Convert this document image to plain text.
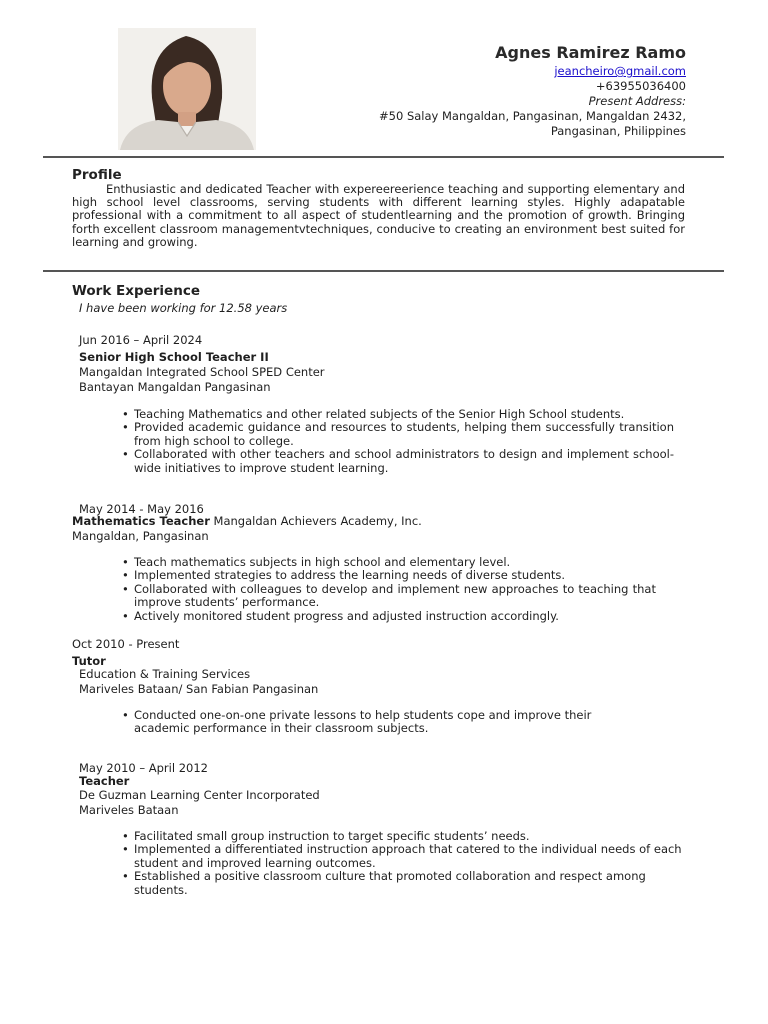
Agnes Ramirez Ramo
jeancheiro@gmail.com
+63955036400
Present Address:
#50 Salay Mangaldan, Pangasinan, Mangaldan 2432,
Pangasinan, Philippines
Profile
Enthusiastic and dedicated Teacher with expereereerience teaching and supporting elementary and high school level classrooms, serving students with different learning styles. Highly adapatable professional with a commitment to all aspect of studentlearning and the promotion of growth. Bringing forth excellent classroom managementvtechniques, conducive to creating an environment best suited for learning and growing.
Work Experience
I have been working for 12.58 years
Jun 2016 – April 2024
Senior High School Teacher II
Mangaldan Integrated School SPED Center
Bantayan Mangaldan Pangasinan
• Teaching Mathematics and other related subjects of the Senior High School students.
• Provided academic guidance and resources to students, helping them successfully transition from high school to college.
• Collaborated with other teachers and school administrators to design and implement school- wide initiatives to improve student learning.
May 2014 - May 2016
Mathematics Teacher Mangaldan Achievers Academy, Inc.
Mangaldan, Pangasinan
• Teach mathematics subjects in high school and elementary level.
• Implemented strategies to address the learning needs of diverse students.
• Collaborated with colleagues to develop and implement new approaches to teaching that improve students’ performance.
• Actively monitored student progress and adjusted instruction accordingly.
Oct 2010 - Present
Tutor
Education & Training Services
Mariveles Bataan/ San Fabian Pangasinan
• Conducted one-on-one private lessons to help students cope and improve their academic performance in their classroom subjects.
May 2010 – April 2012
Teacher
De Guzman Learning Center Incorporated
Mariveles Bataan
• Facilitated small group instruction to target specific students’ needs.
• Implemented a differentiated instruction approach that catered to the individual needs of each student and improved learning outcomes.
• Established a positive classroom culture that promoted collaboration and respect among students.
